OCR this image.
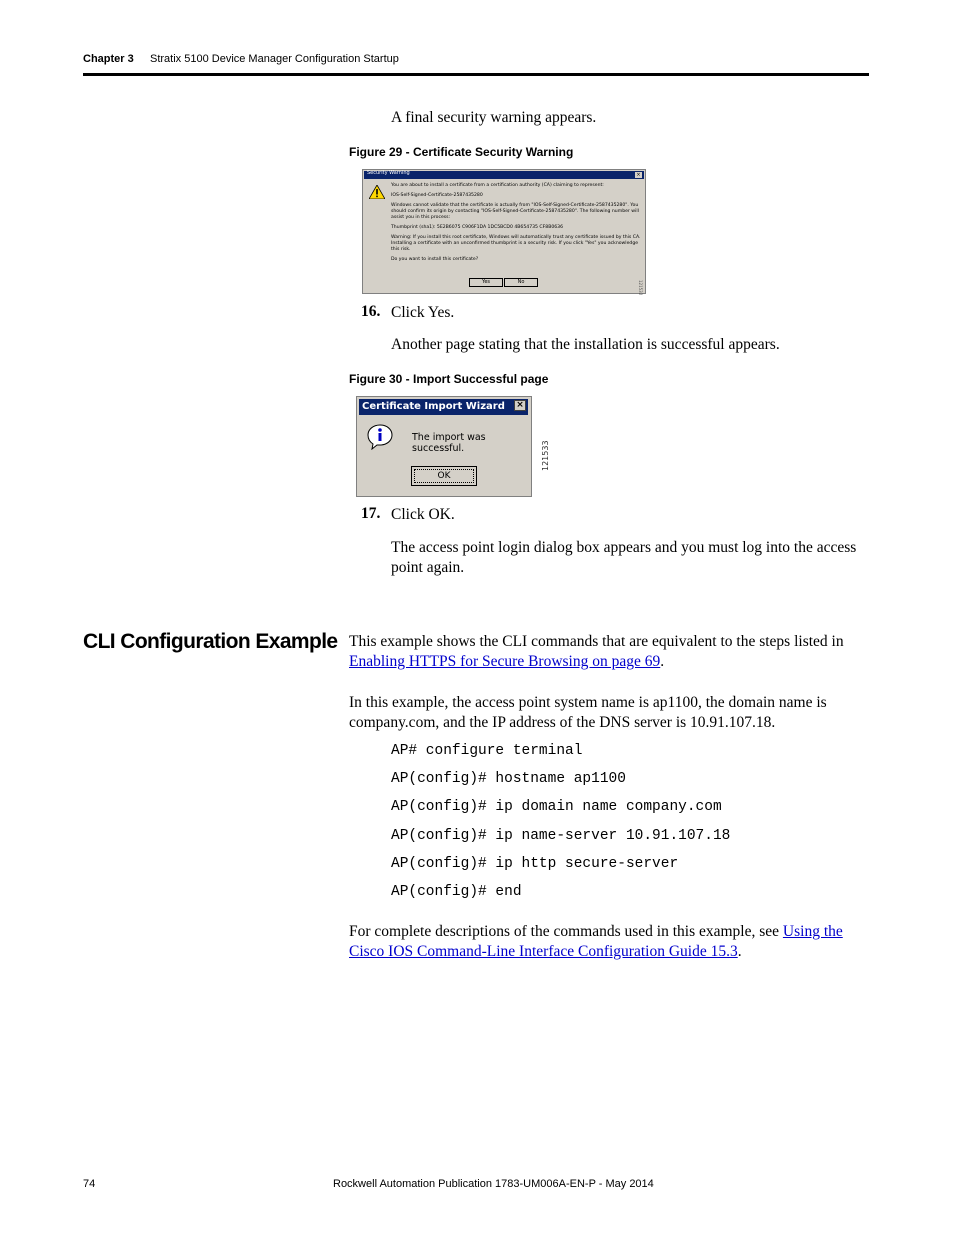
Chapter 3 Stratix 5100 Device Manager Configuration Startup
A final security warning appears.
Figure 29 - Certificate Security Warning
Security Warning	×

You are about to install a certificate from a certification authority (CA) claiming to represent:

IOS-Self-Signed-Certificate-2587435280

Windows cannot validate that the certificate is actually from "IOS-Self-Signed-Certificate-2587435280". You should confirm its origin by contacting "IOS-Self-Signed-Certificate-2587435280". The following number will assist you in this process:

Thumbprint (sha1): 5E2B6075 C906F1DA 1DC5BCD0 4B654735 CF8B0636

Warning: If you install this root certificate, Windows will automatically trust any certificate issued by this CA. Installing a certificate with an unconfirmed thumbprint is a security risk. If you click "Yes" you acknowledge this risk.

Do you want to install this certificate?

Yes	No	121532
16. Click Yes.
Another page stating that the installation is successful appears.
Figure 30 - Import Successful page
Certificate Import Wizard ×
The import was successful.
OK
121533
17. Click OK.
The access point login dialog box appears and you must log into the access
point again.
CLI Configuration Example This example shows the CLI commands that are equivalent to the steps listed in
Enabling HTTPS for Secure Browsing on page 69.
In this example, the access point system name is ap1100, the domain name is
company.com, and the IP address of the DNS server is 10.91.107.18.
AP# configure terminal
AP(config)# hostname ap1100
AP(config)# ip domain name company.com
AP(config)# ip name-server 10.91.107.18
AP(config)# ip http secure-server
AP(config)# end
For complete descriptions of the commands used in this example, see Using the
Cisco IOS Command-Line Interface Configuration Guide 15.3.
74	Rockwell Automation Publication 1783-UM006A-EN-P - May 2014
